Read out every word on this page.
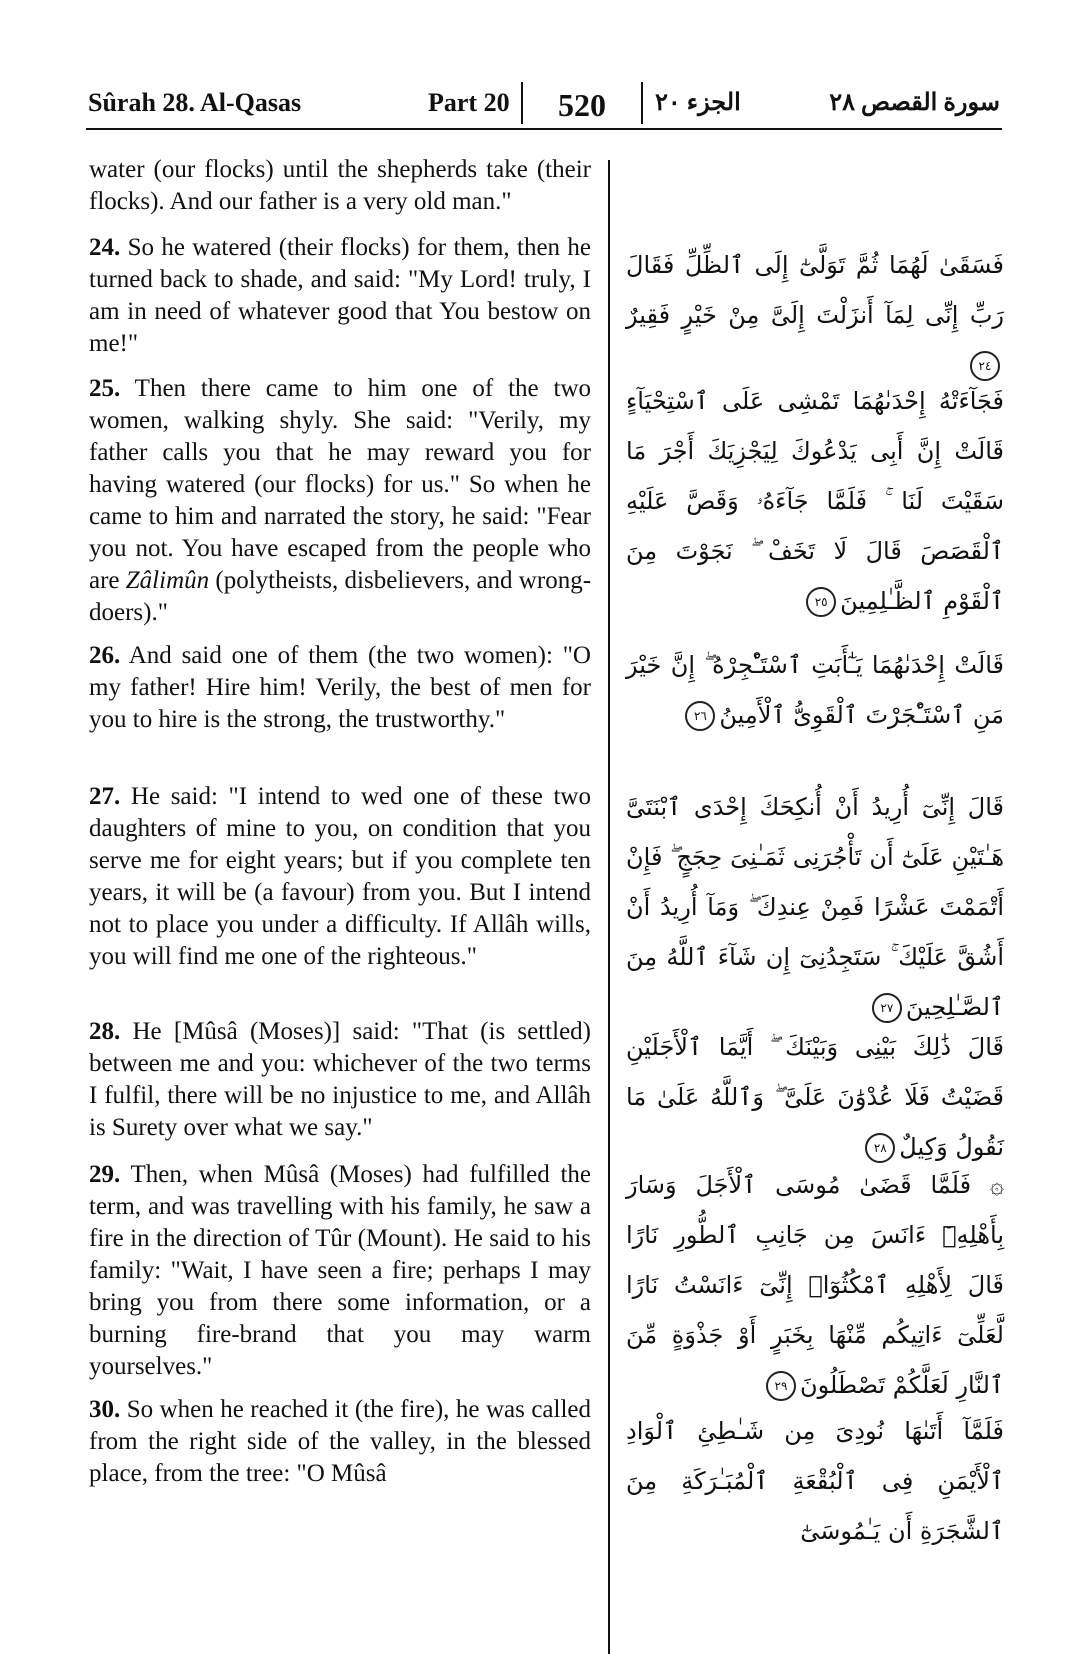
Sûrah 28. Al-Qasas	Part 20	520	الجزء ٢٠	سورة القصص ٢٨
water (our flocks) until the shepherds take (their flocks). And our father is a very old man."
24. So he watered (their flocks) for them, then he turned back to shade, and said: "My Lord! truly, I am in need of whatever good that You bestow on me!"
25. Then there came to him one of the two women, walking shyly. She said: "Verily, my father calls you that he may reward you for having watered (our flocks) for us." So when he came to him and narrated the story, he said: "Fear you not. You have escaped from the people who are Zâlimûn (polytheists, disbelievers, and wrong-doers)."
26. And said one of them (the two women): "O my father! Hire him! Verily, the best of men for you to hire is the strong, the trustworthy."
27. He said: "I intend to wed one of these two daughters of mine to you, on condition that you serve me for eight years; but if you complete ten years, it will be (a favour) from you. But I intend not to place you under a difficulty. If Allâh wills, you will find me one of the righteous."
28. He [Mûsâ (Moses)] said: "That (is settled) between me and you: whichever of the two terms I fulfil, there will be no injustice to me, and Allâh is Surety over what we say."
29. Then, when Mûsâ (Moses) had fulfilled the term, and was travelling with his family, he saw a fire in the direction of Tûr (Mount). He said to his family: "Wait, I have seen a fire; perhaps I may bring you from there some information, or a burning fire-brand that you may warm yourselves."
30. So when he reached it (the fire), he was called from the right side of the valley, in the blessed place, from the tree: "O Mûsâ
فَسَقَىٰ لَهُمَا ثُمَّ تَوَلَّىٰٓ إِلَى ٱلظِّلِّ فَقَالَ رَبِّ إِنِّى لِمَآ أَنزَلْتَ إِلَىَّ مِنْ خَيْرٍ فَقِيرٌ٢٤
فَجَآءَتْهُ إِحْدَىٰهُمَا تَمْشِى عَلَى ٱسْتِحْيَآءٍ قَالَتْ إِنَّ أَبِى يَدْعُوكَ لِيَجْزِيَكَ أَجْرَ مَا سَقَيْتَ لَنَا ۚ فَلَمَّا جَآءَهُۥ وَقَصَّ عَلَيْهِ ٱلْقَصَصَ قَالَ لَا تَخَفْ ۖ نَجَوْتَ مِنَ ٱلْقَوْمِ ٱلظَّـٰلِمِينَ٢٥
قَالَتْ إِحْدَىٰهُمَا يَـٰٓأَبَتِ ٱسْتَـْٔجِرْهُ ۖ إِنَّ خَيْرَ مَنِ ٱسْتَـْٔجَرْتَ ٱلْقَوِىُّ ٱلْأَمِينُ٢٦
قَالَ إِنِّىٓ أُرِيدُ أَنْ أُنكِحَكَ إِحْدَى ٱبْنَتَىَّ هَـٰتَيْنِ عَلَىٰٓ أَن تَأْجُرَنِى ثَمَـٰنِىَ حِجَجٍ ۖ فَإِنْ أَتْمَمْتَ عَشْرًا فَمِنْ عِندِكَ ۖ وَمَآ أُرِيدُ أَنْ أَشُقَّ عَلَيْكَ ۚ سَتَجِدُنِىٓ إِن شَآءَ ٱللَّهُ مِنَ ٱلصَّـٰلِحِينَ٢٧
قَالَ ذَٰلِكَ بَيْنِى وَبَيْنَكَ ۖ أَيَّمَا ٱلْأَجَلَيْنِ قَضَيْتُ فَلَا عُدْوَٰنَ عَلَىَّ ۖ وَٱللَّهُ عَلَىٰ مَا نَقُولُ وَكِيلٌ٢٨
۞ فَلَمَّا قَضَىٰ مُوسَى ٱلْأَجَلَ وَسَارَ بِأَهْلِهِۦٓ ءَانَسَ مِن جَانِبِ ٱلطُّورِ نَارًا قَالَ لِأَهْلِهِ ٱمْكُثُوٓا۟ إِنِّىٓ ءَانَسْتُ نَارًا لَّعَلِّىٓ ءَاتِيكُم مِّنْهَا بِخَبَرٍ أَوْ جَذْوَةٍ مِّنَ ٱلنَّارِ لَعَلَّكُمْ تَصْطَلُونَ٢٩
فَلَمَّآ أَتَىٰهَا نُودِىَ مِن شَـٰطِئِ ٱلْوَادِ ٱلْأَيْمَنِ فِى ٱلْبُقْعَةِ ٱلْمُبَـٰرَكَةِ مِنَ ٱلشَّجَرَةِ أَن يَـٰمُوسَىٰٓ
